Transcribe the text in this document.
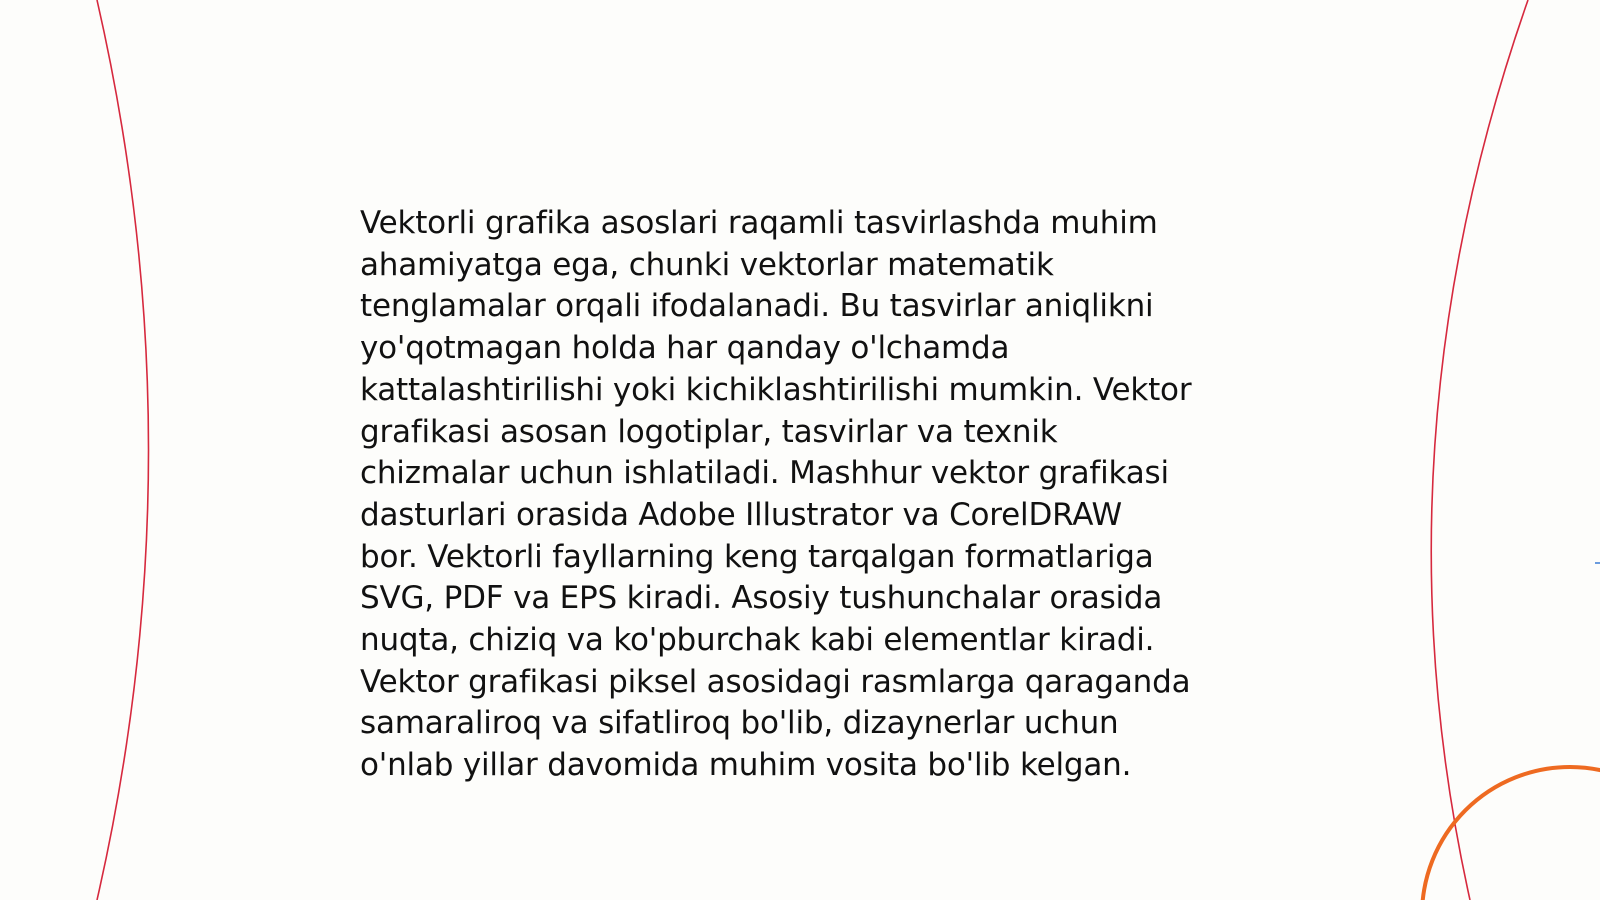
Vektorli grafika asoslari raqamli tasvirlashda muhim
ahamiyatga ega, chunki vektorlar matematik
tenglamalar orqali ifodalanadi. Bu tasvirlar aniqlikni
yo'qotmagan holda har qanday o'lchamda
kattalashtirilishi yoki kichiklashtirilishi mumkin. Vektor
grafikasi asosan logotiplar, tasvirlar va texnik
chizmalar uchun ishlatiladi. Mashhur vektor grafikasi
dasturlari orasida Adobe Illustrator va CorelDRAW
bor. Vektorli fayllarning keng tarqalgan formatlariga
SVG, PDF va EPS kiradi. Asosiy tushunchalar orasida
nuqta, chiziq va ko'pburchak kabi elementlar kiradi.
Vektor grafikasi piksel asosidagi rasmlarga qaraganda
samaraliroq va sifatliroq bo'lib, dizaynerlar uchun
o'nlab yillar davomida muhim vosita bo'lib kelgan.
